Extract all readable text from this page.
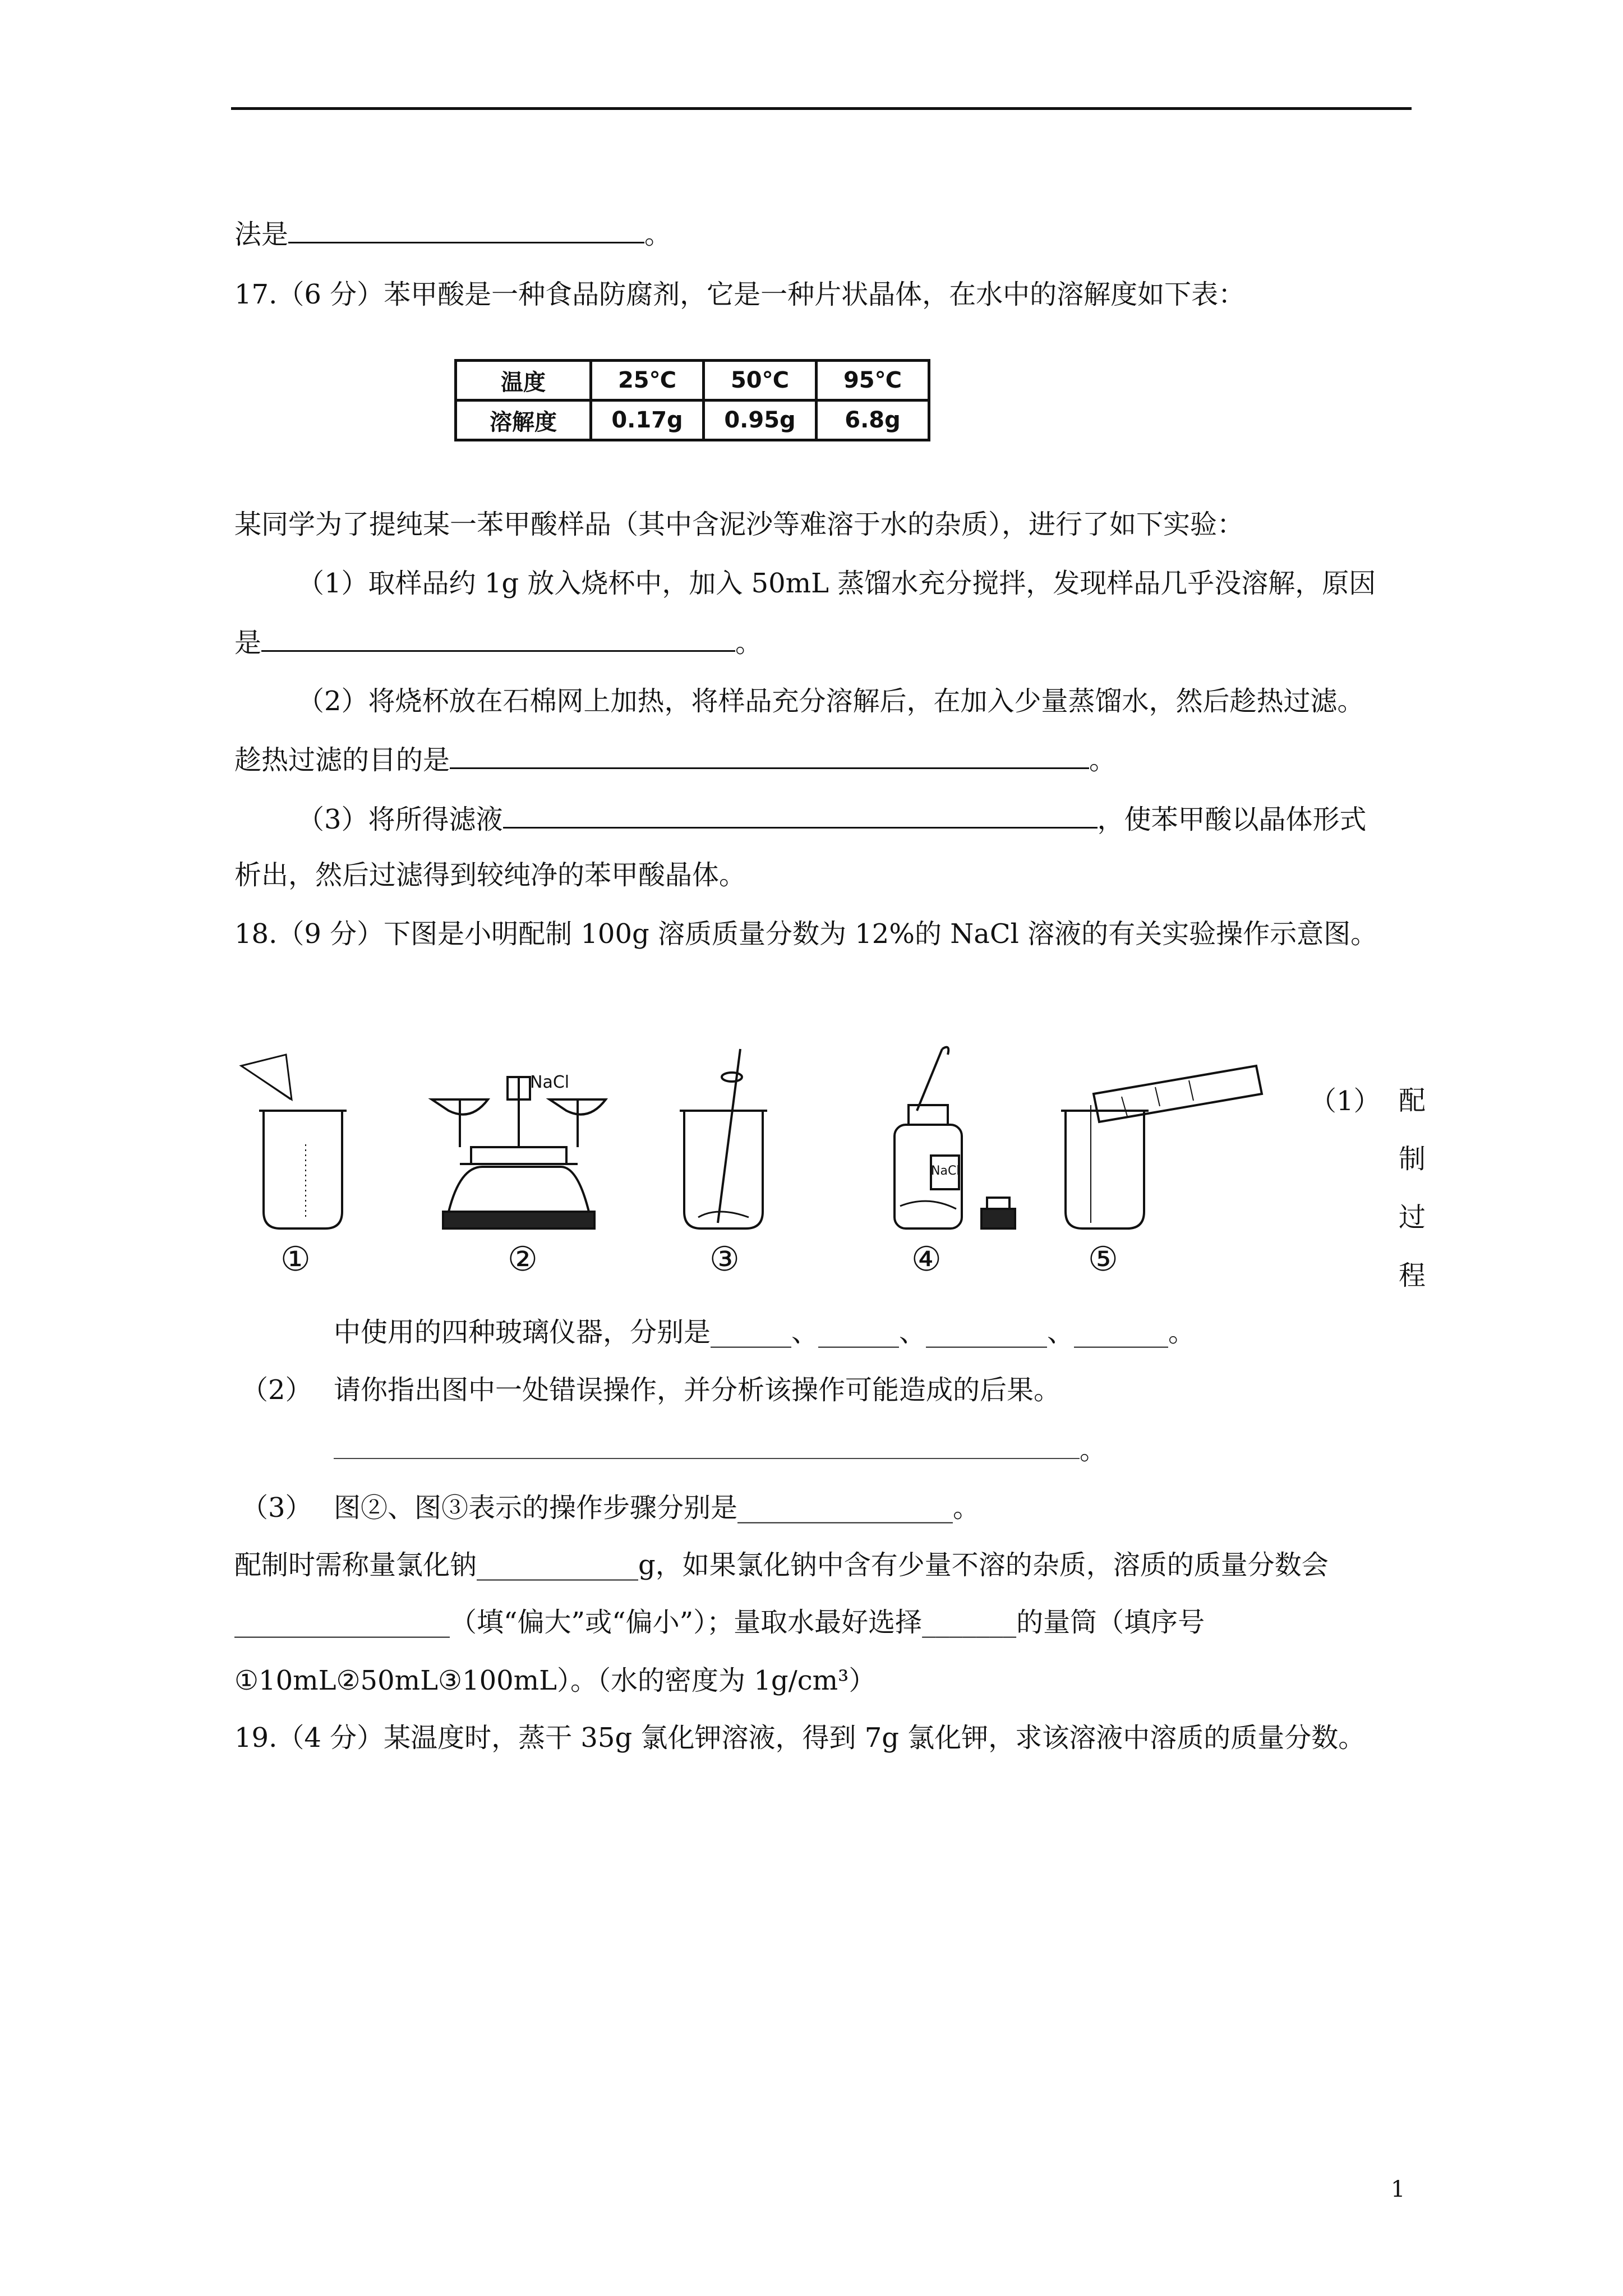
法是	。
17.（6 分）苯甲酸是一种食品防腐剂，它是一种片状晶体，在水中的溶解度如下表：
温度	25℃	50℃	95℃
溶解度	0.17g	0.95g	6.8g
某同学为了提纯某一苯甲酸样品（其中含泥沙等难溶于水的杂质），进行了如下实验：
（1）取样品约 1g 放入烧杯中，加入 50mL 蒸馏水充分搅拌，发现样品几乎没溶解，原因
是	。
（2）将烧杯放在石棉网上加热，将样品充分溶解后，在加入少量蒸馏水，然后趁热过滤。
趁热过滤的目的是	。
（3）将所得滤液	，使苯甲酸以晶体形式
析出，然后过滤得到较纯净的苯甲酸晶体。
18.（9 分）下图是小明配制 100g 溶质质量分数为 12%的 NaCl 溶液的有关实验操作示意图。
NaCl
NaCl
①	②	③	④	⑤
（1） 配
制
过
程
中使用的四种玻璃仪器，分别是______、______、_________、_______。
（2） 请你指出图中一处错误操作，并分析该操作可能造成的后果。
。
（3） 图②、图③表示的操作步骤分别是________________。
配制时需称量氯化钠____________g，如果氯化钠中含有少量不溶的杂质，溶质的质量分数会
________________（填“偏大”或“偏小”）；量取水最好选择_______的量筒（填序号
①10mL②50mL③100mL）。（水的密度为 1g/cm³）
19.（4 分）某温度时，蒸干 35g 氯化钾溶液，得到 7g 氯化钾，求该溶液中溶质的质量分数。
1
